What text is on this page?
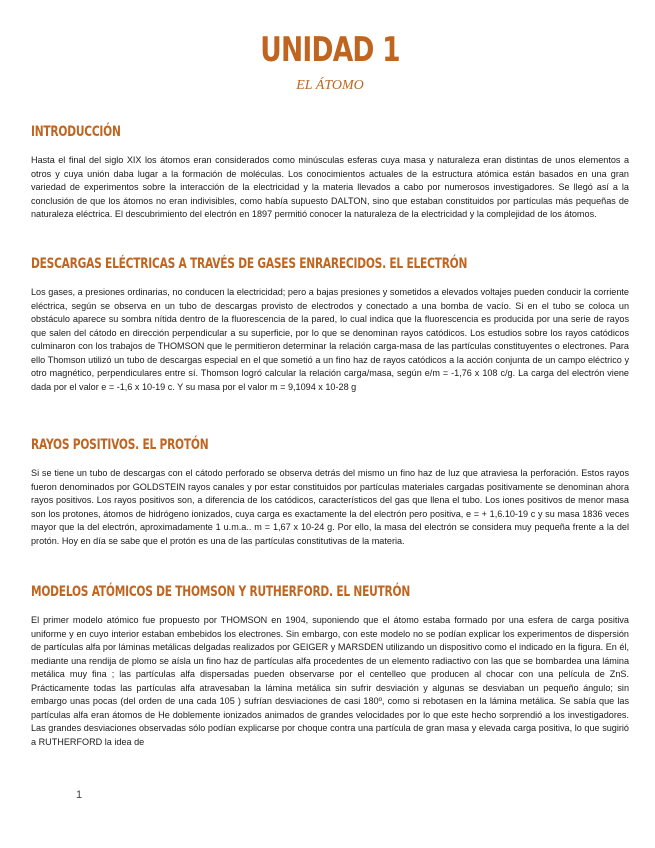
UNIDAD 1
EL ÁTOMO
INTRODUCCIÓN

Hasta el final del siglo XIX los átomos eran considerados como minúsculas esferas cuya masa y naturaleza eran distintas de unos elementos a otros y cuya unión daba lugar a la formación de moléculas. Los conocimientos actuales de la estructura atómica están basados en una gran variedad de experimentos sobre la interacción de la electricidad y la materia llevados a cabo por numerosos investigadores. Se llegó así a la conclusión de que los átomos no eran indivisibles, como había supuesto DALTON, sino que estaban constituidos por partículas más pequeñas de naturaleza eléctrica. El descubrimiento del electrón en 1897 permitió conocer la naturaleza de la electricidad y la complejidad de los átomos.

DESCARGAS ELÉCTRICAS A TRAVÉS DE GASES ENRARECIDOS. EL ELECTRÓN

Los gases, a presiones ordinarias, no conducen la electricidad; pero a bajas presiones y sometidos a elevados voltajes pueden conducir la corriente eléctrica, según se observa en un tubo de descargas provisto de electrodos y conectado a una bomba de vacío. Si en el tubo se coloca un obstáculo aparece su sombra nítida dentro de la fluorescencia de la pared, lo cual indica que la fluorescencia es producida por una serie de rayos que salen del cátodo en dirección perpendicular a su superficie, por lo que se denominan rayos catódicos. Los estudios sobre los rayos catódicos culminaron con los trabajos de THOMSON que le permitieron determinar la relación carga-masa de las partículas constituyentes o electrones. Para ello Thomson utilizó un tubo de descargas especial en el que sometió a un fino haz de rayos catódicos a la acción conjunta de un campo eléctrico y otro magnético, perpendiculares entre sí. Thomson logró calcular la relación carga/masa, según e/m = -1,76 x 108 c/g. La carga del electrón viene dada por el valor e = -1,6 x 10-19 c. Y su masa por el valor m = 9,1094 x 10-28 g

RAYOS POSITIVOS. EL PROTÓN

Si se tiene un tubo de descargas con el cátodo perforado se observa detrás del mismo un fino haz de luz que atraviesa la perforación. Estos rayos fueron denominados por GOLDSTEIN rayos canales y por estar constituidos por partículas materiales cargadas positivamente se denominan ahora rayos positivos. Los rayos positivos son, a diferencia de los catódicos, característicos del gas que llena el tubo. Los iones positivos de menor masa son los protones, átomos de hidrógeno ionizados, cuya carga es exactamente la del electrón pero positiva, e = + 1,6.10-19 c y su masa 1836 veces mayor que la del electrón, aproximadamente 1 u.m.a.. m = 1,67 x 10-24 g. Por ello, la masa del electrón se considera muy pequeña frente a la del protón. Hoy en día se sabe que el protón es una de las partículas constitutivas de la materia.

MODELOS ATÓMICOS DE THOMSON Y RUTHERFORD. EL NEUTRÓN

El primer modelo atómico fue propuesto por THOMSON en 1904, suponiendo que el átomo estaba formado por una esfera de carga positiva uniforme y en cuyo interior estaban embebidos los electrones. Sin embargo, con este modelo no se podían explicar los experimentos de dispersión de partículas alfa por láminas metálicas delgadas realizados por GEIGER y MARSDEN utilizando un dispositivo como el indicado en la figura. En él, mediante una rendija de plomo se aísla un fino haz de partículas alfa procedentes de un elemento radiactivo con las que se bombardea una lámina metálica muy fina ; las partículas alfa dispersadas pueden observarse por el centelleo que producen al chocar con una película de ZnS. Prácticamente todas las partículas alfa atravesaban la lámina metálica sin sufrir desviación y algunas se desviaban un pequeño ángulo; sin embargo unas pocas (del orden de una cada 105 ) sufrían desviaciones de casi 180º, como si rebotasen en la lámina metálica. Se sabía que las partículas alfa eran átomos de He doblemente ionizados animados de grandes velocidades por lo que este hecho sorprendió a los investigadores. Las grandes desviaciones observadas sólo podían explicarse por choque contra una partícula de gran masa y elevada carga positiva, lo que sugirió a RUTHERFORD la idea de

1
